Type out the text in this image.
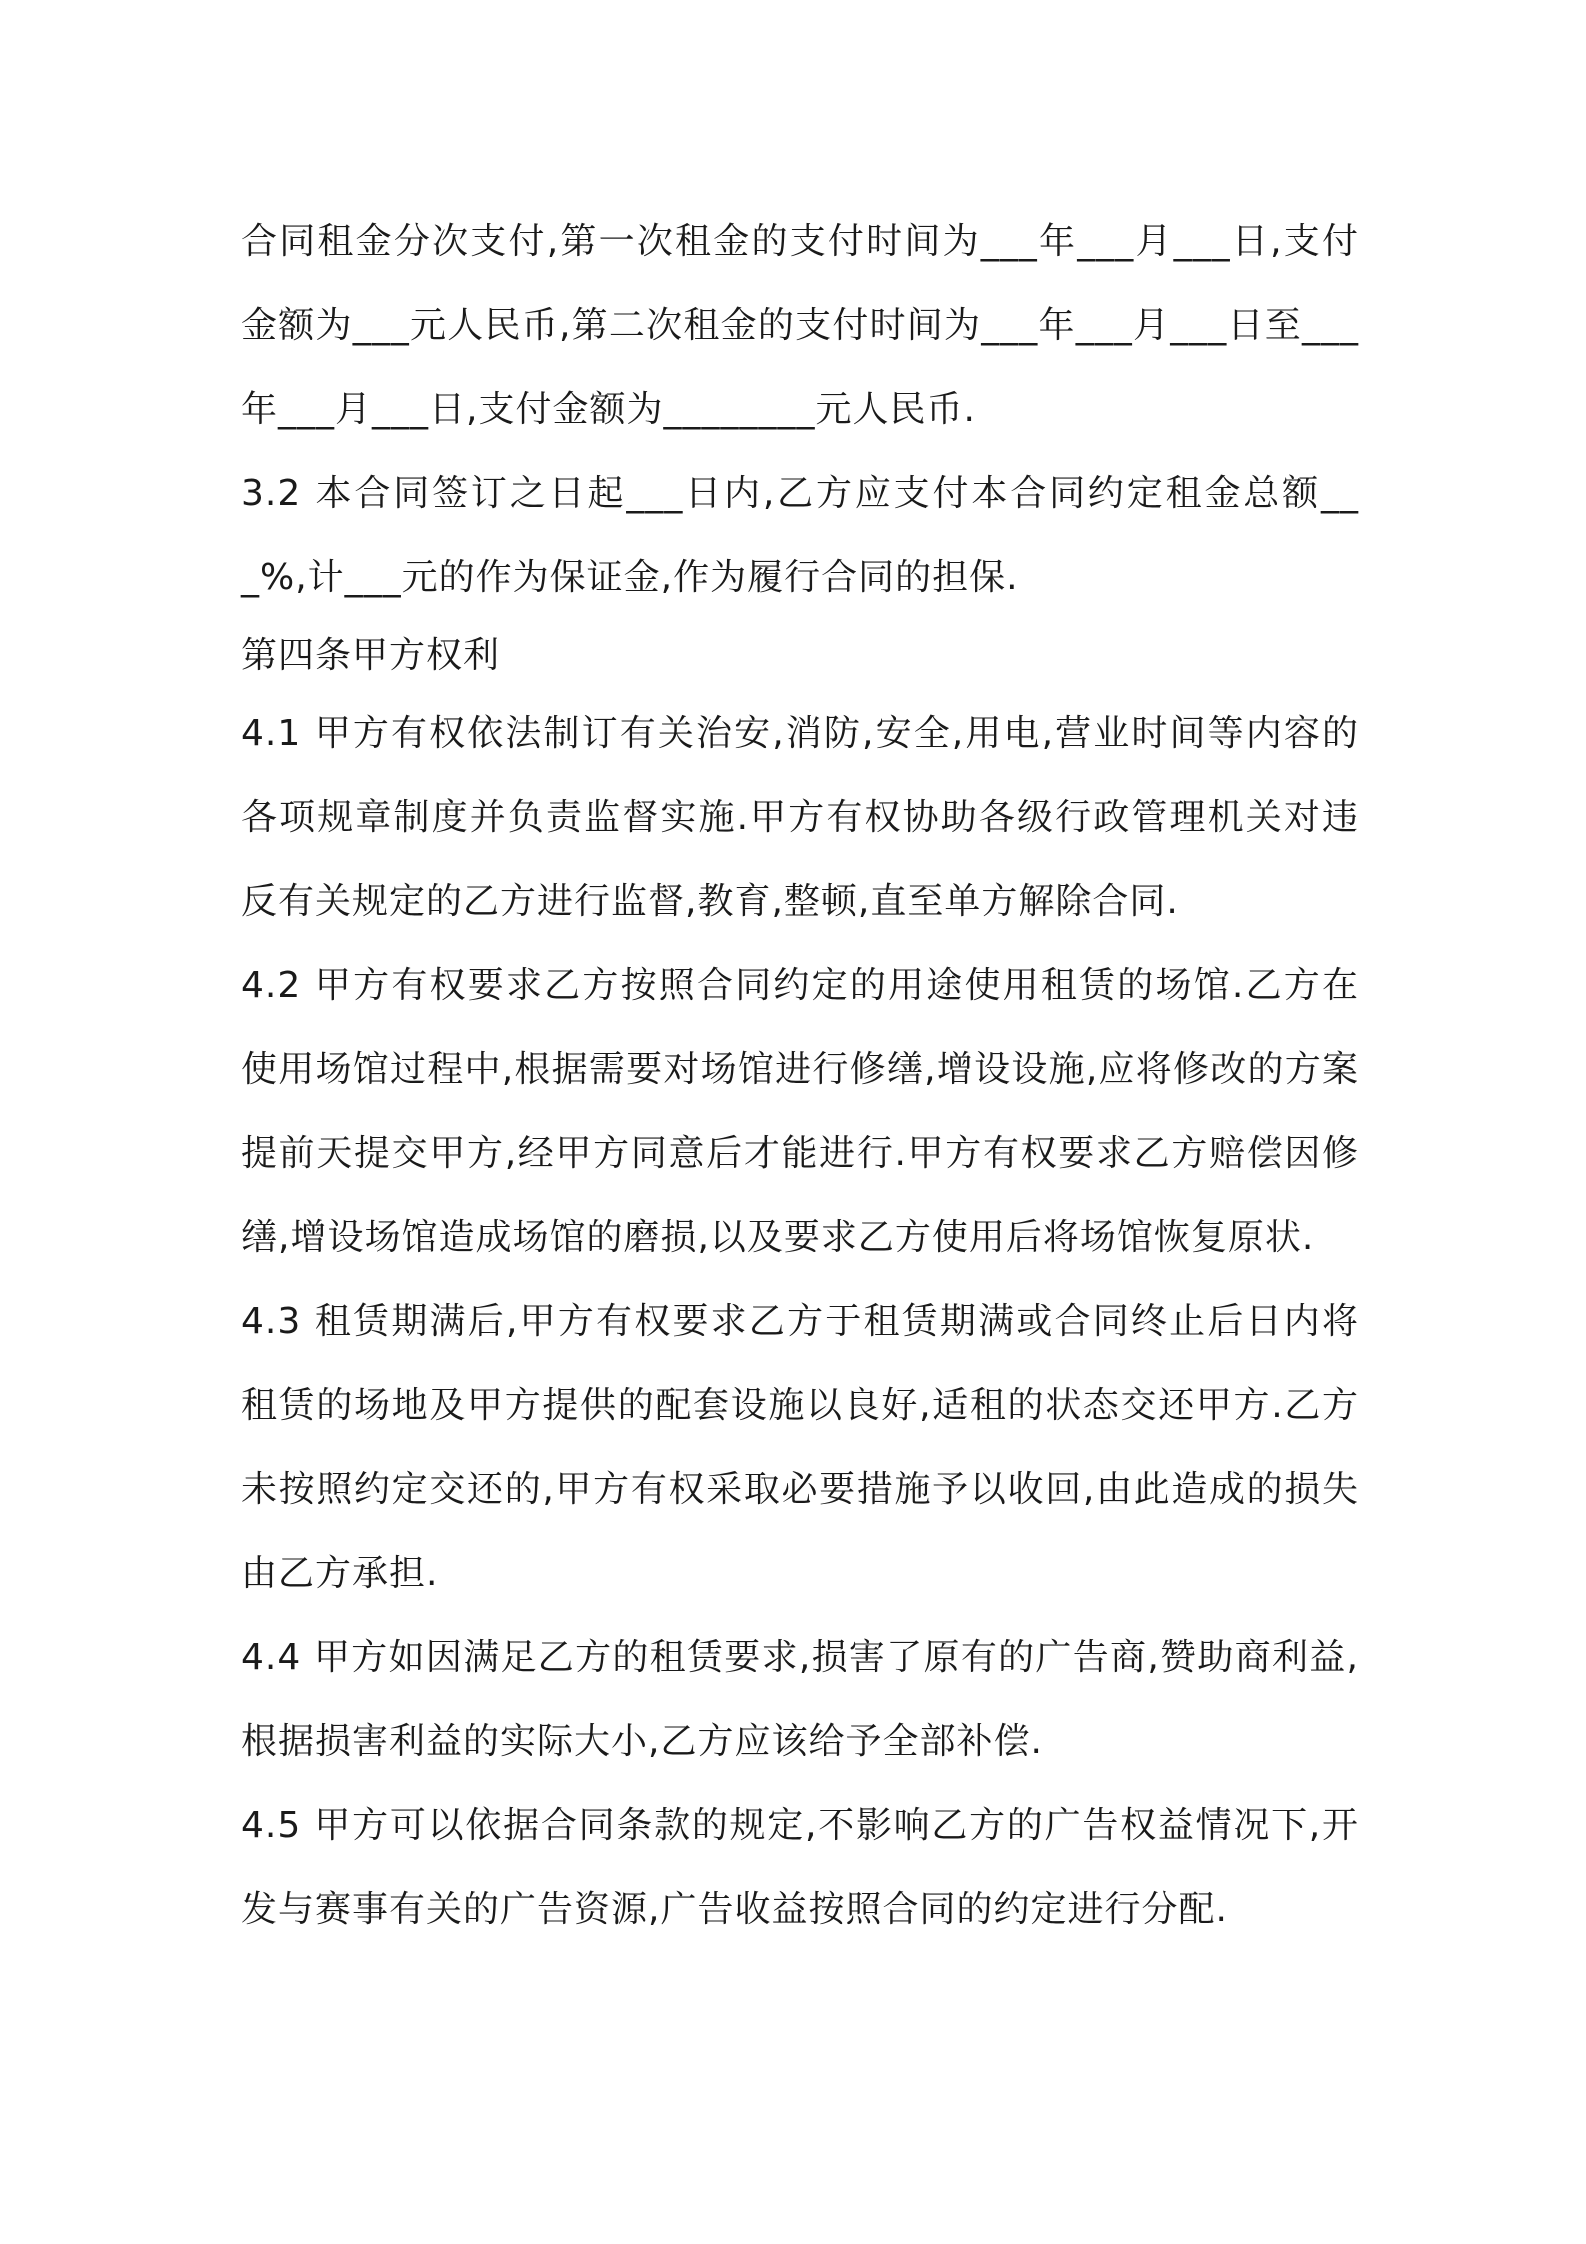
合同租金分次支付,第一次租金的支付时间为___年___月___日,支付金额为___元人民币,第二次租金的支付时间为___年___月___日至___年___月___日,支付金额为________元人民币.

3.2 本合同签订之日起___日内,乙方应支付本合同约定租金总额___%,计___元的作为保证金,作为履行合同的担保.

第四条甲方权利

4.1 甲方有权依法制订有关治安,消防,安全,用电,营业时间等内容的各项规章制度并负责监督实施.甲方有权协助各级行政管理机关对违反有关规定的乙方进行监督,教育,整顿,直至单方解除合同.

4.2 甲方有权要求乙方按照合同约定的用途使用租赁的场馆.乙方在使用场馆过程中,根据需要对场馆进行修缮,增设设施,应将修改的方案提前天提交甲方,经甲方同意后才能进行.甲方有权要求乙方赔偿因修缮,增设场馆造成场馆的磨损,以及要求乙方使用后将场馆恢复原状.

4.3 租赁期满后,甲方有权要求乙方于租赁期满或合同终止后日内将租赁的场地及甲方提供的配套设施以良好,适租的状态交还甲方.乙方未按照约定交还的,甲方有权采取必要措施予以收回,由此造成的损失由乙方承担.

4.4 甲方如因满足乙方的租赁要求,损害了原有的广告商,赞助商利益,根据损害利益的实际大小,乙方应该给予全部补偿.

4.5 甲方可以依据合同条款的规定,不影响乙方的广告权益情况下,开发与赛事有关的广告资源,广告收益按照合同的约定进行分配.
